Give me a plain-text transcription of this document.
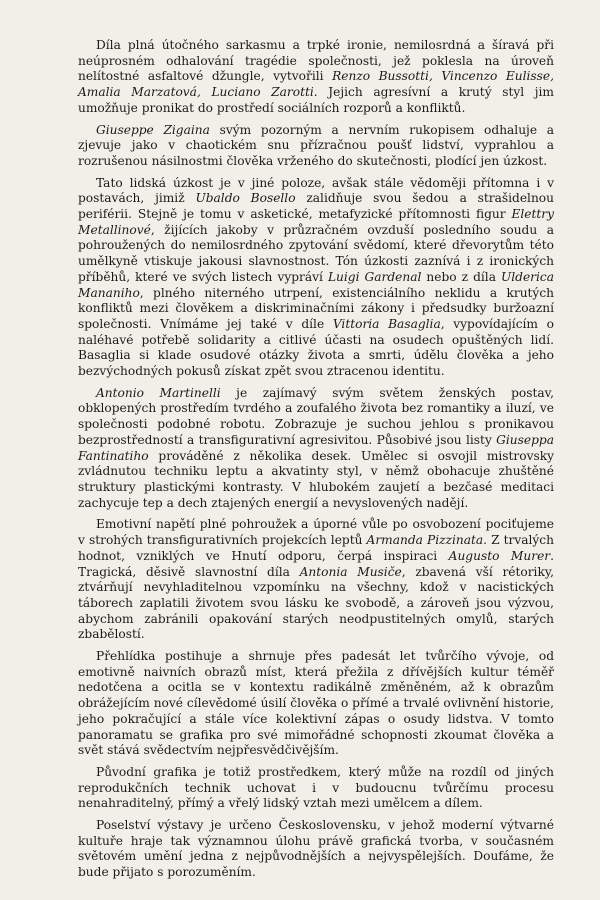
Díla plná útočného sarkasmu a trpké ironie, nemilosrdná a šíravá při neúprosném odhalování tragédie společnosti, jež poklesla na úroveň nelítostné asfaltové džungle, vytvořili Renzo Bussotti, Vincenzo Eulisse, Amalia Marzatová, Luciano Zarotti. Jejich agresívní a krutý styl jim umožňuje pronikat do prostředí sociálních rozporů a konfliktů.

Giuseppe Zigaina svým pozorným a nervním rukopisem odhaluje a zjevuje jako v chaotickém snu přízračnou poušť lidství, vyprahlou a rozrušenou násilnostmi člověka vrženého do skutečnosti, plodící jen úzkost.

Tato lidská úzkost je v jiné poloze, avšak stále vědoměji přítomna i v postavách, jimiž Ubaldo Bosello zalidňuje svou šedou a strašidelnou periférii. Stejně je tomu v asketické, metafyzické přítomnosti figur Elettry Metallinové, žijících jakoby v průzračném ovzduší posledního soudu a pohroužených do nemilosrdného zpytování svědomí, které dřevorytům této umělkyně vtiskuje jakousi slavnostnost. Tón úzkosti zaznívá i z ironických příběhů, které ve svých listech vypráví Luigi Gardenal nebo z díla Ulderica Mananiho, plného niterného utrpení, existenciálního neklidu a krutých konfliktů mezi člověkem a diskriminačními zákony i předsudky buržoazní společnosti. Vnímáme jej také v díle Vittoria Basaglia, vypovídajícím o naléhavé potřebě solidarity a citlivé účasti na osudech opuštěných lidí. Basaglia si klade osudové otázky života a smrti, údělu člověka a jeho bezvýchodných pokusů získat zpět svou ztracenou identitu.

Antonio Martinelli je zajímavý svým světem ženských postav, obklopených prostředím tvrdého a zoufalého života bez romantiky a iluzí, ve společnosti podobné robotu. Zobrazuje je suchou jehlou s pronikavou bezprostředností a transfigurativní agresivitou. Působivé jsou listy Giuseppa Fantinatiho prováděné z několika desek. Umělec si osvojil mistrovsky zvládnutou techniku leptu a akvatinty styl, v němž obohacuje zhuštěné struktury plastickými kontrasty. V hlubokém zaujetí a bezčasé meditaci zachycuje tep a dech ztajených energií a nevyslovených nadějí.

Emotivní napětí plné pohroužek a úporné vůle po osvobození pociťujeme v strohých transfigurativních projekcích leptů Armanda Pizzinata. Z trvalých hodnot, vzniklých ve Hnutí odporu, čerpá inspiraci Augusto Murer. Tragická, děsivě slavnostní díla Antonia Musiče, zbavená vší rétoriky, ztvárňují nevyhladitelnou vzpomínku na všechny, kdož v nacistických táborech zaplatili životem svou lásku ke svobodě, a zároveň jsou výzvou, abychom zabránili opakování starých neodpustitelných omylů, starých zbabělostí.

Přehlídka postihuje a shrnuje přes padesát let tvůrčího vývoje, od emotivně naivních obrazů míst, která přežila z dřívějších kultur téměř nedotčena a ocitla se v kontextu radikálně změněném, až k obrazům obrážejícím nové cílevědomé úsilí člověka o přímé a trvalé ovlivnění historie, jeho pokračující a stále více kolektivní zápas o osudy lidstva. V tomto panoramatu se grafika pro své mimořádné schopnosti zkoumat člověka a svět stává svědectvím nejpřesvědčivějším.

Původní grafika je totiž prostředkem, který může na rozdíl od jiných reprodukčních technik uchovat i v budoucnu tvůrčímu procesu nenahraditelný, přímý a vřelý lidský vztah mezi umělcem a dílem.

Poselství výstavy je určeno Československu, v jehož moderní výtvarné kultuře hraje tak významnou úlohu právě grafická tvorba, v současném světovém umění jedna z nejpůvodnějších a nejvyspělejších. Doufáme, že bude přijato s porozuměním.
